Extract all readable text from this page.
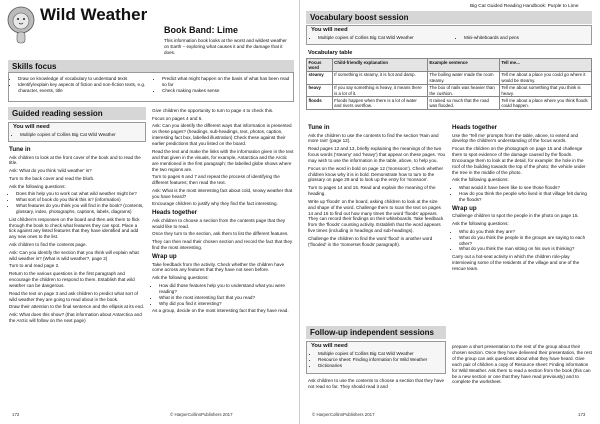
Wild Weather
Book Band: Lime
This information book looks at the worst and wildest weather on Earth – exploring what causes it and the damage that it does.
Skills focus
• Draw on knowledge of vocabulary to understand texts
• Identify/explain key aspects of fiction and non-fiction texts, e.g. character, events, title
• Predict what might happen on the basis of what has been read so far
• Check making makes sense
Guided reading session
You will need
• Multiple copies of Collins Big Cat Wild Weather
Tune in

Ask children to look at the front cover of the book and to read the title.

Ask: What do you think 'wild weather' is?

Turn to the back cover and read the blurb.

Ask the following questions:

• Does this help you to work out what wild weather might be?
• What sort of book do you think this is? (information)
• What features do you think you will find in the book? (contents, glossary, index, photographs, captions, labels, diagrams)

List children's responses on the board and then ask them to flick through the book to check what features they can spot. Place a tick against any listed features that they have identified and add any new ones to the list.

Ask children to find the contents page.

Ask: Can you identify the section that you think will explain what wild weather is? (What is wild weather?, page 2)

Turn to and read page 2.

Return to the various questions in the first paragraph and encourage the children to respond to them. Establish that wild weather can be dangerous.

Read the text on page 3 and ask children to predict what sort of wild weather they are going to read about in the book.

Draw their attention to the final sentence and the ellipsis at its end.

Ask: What does this show? (that information about Antarctica and the Arctic will follow on the next page)

Give children the opportunity to turn to page 4 to check this.

Focus on pages 4 and 5.

Ask: Can you identify the different ways that information is presented on these pages? (headings, sub-headings, text, photos, caption, interesting fact box, labelled illustration) Check these against their earlier predictions that you listed on the board.

Read the text and make the links with the information given in the text and that given in the visuals, for example, Antarctica and the Arctic are mentioned in the first paragraph; the labelled globe shows where the two regions are.

Turn to pages 6 and 7 and repeat the process of identifying the different features; then read the text.

Ask: What is the most interesting fact about cold, snowy weather that you have heard?

Encourage children to justify why they find the fact interesting.

Heads together

Ask children to choose a section from the contents page that they would like to read.

Once they turn to the section, ask them to list the different features.

They can then read their chosen section and record the fact that they find the most interesting.

Wrap up

Take feedback from the activity. Check whether the children have come across any features that they have not seen before.

Ask the following questions:

• How did those features help you to understand what you were reading?
• What is the most interesting fact that you read?
• Why did you find it interesting?

As a group, decide on the most interesting fact that they have read.

172	© HarperCollinsPublishers 2017
Big Cat Guided Reading Handbook: Purple to Lime
Vocabulary boost session
You will need
• Multiple copies of Collins Big Cat Wild Weather	• Mini-whiteboards and pens
Vocabulary table
Focus word	Child-friendly explanation	Example sentence	Tell me...
steamy	If something is steamy, it is hot and damp.	The boiling water made the room steamy.	Tell me about a place you could go where it would be steamy.
heavy	If you say something is heavy, it means there is a lot of it.	The box of nails was heavier than the cushion.	Tell me about something that you think is heavy.
floods	Floods happen when there is a lot of water and rivers overflow.	It rained so much that the road was flooded.	Tell me about a place where you think floods could happen.
Tune in

Ask the children to use the contents to find the section 'Rain and more rain' (page 12).

Read pages 12 and 13, briefly explaining the meanings of the two focus words ('steamy' and 'heavy') that appear on these pages. You may wish to use the information in the table, above, to help you.

Focus on the word in bold on page 12 ('monsoon'). Check whether children know why it is in bold. Demonstrate how to turn to the glossary on page 29 and to look up the entry for 'monsoon'.

Turn to pages 14 and 15. Read and explain the meaning of the heading.

Write up 'floods' on the board, asking children to look at the size and shape of the word. Challenge them to scan the text on pages 14 and 15 to find out how many times the word 'floods' appears. They can record their findings on their whiteboards. Take feedback from the 'floods' counting activity. Establish that the word appears five times (including in headings and sub-headings).

Challenge the children to find the word 'flood' in another word ('flooded' in the 'Somerset floods' paragraph).

Heads together

Use the 'Tell me' prompts from the table, above, to extend and develop the children's understanding of the focus words.

Focus the children on the photograph on page 15 and challenge them to spot evidence of the damage caused by the floods. Encourage them to look at the detail, for example: the hole in the roof of the building towards the top of the photo; the vehicle under the tree in the middle of the photo.

Ask the following questions:

• What would it have been like to see those floods?
• How do you think the people who lived in that village felt during the floods?
Wrap up

Challenge children to spot the people in the photo on page 15.

Ask the following questions:

• Who do you think they are?
• What do you think the people in the groups are saying to each other?
• What do you think the man sitting on his own is thinking?

Carry out a hot-seat activity in which the children role-play interviewing some of the residents of the village and one of the rescue team.

Follow-up independent sessions
You will need
• Multiple copies of Collins Big Cat Wild Weather
• Resource sheet: Finding information for Wild Weather
• Dictionaries
Ask children to use the contents to choose a section that they have not read so far. They should read it and
prepare a short presentation to the rest of the group about their chosen section. Once they have delivered their presentation, the rest of the group can ask questions about what they have heard. Give each pair of children a copy of Resource sheet: Finding information for Wild Weather. Ask them to read a section from the book (this can be a new section or one that they have read previously) and to complete the worksheet.
© HarperCollinsPublishers 2017	173
